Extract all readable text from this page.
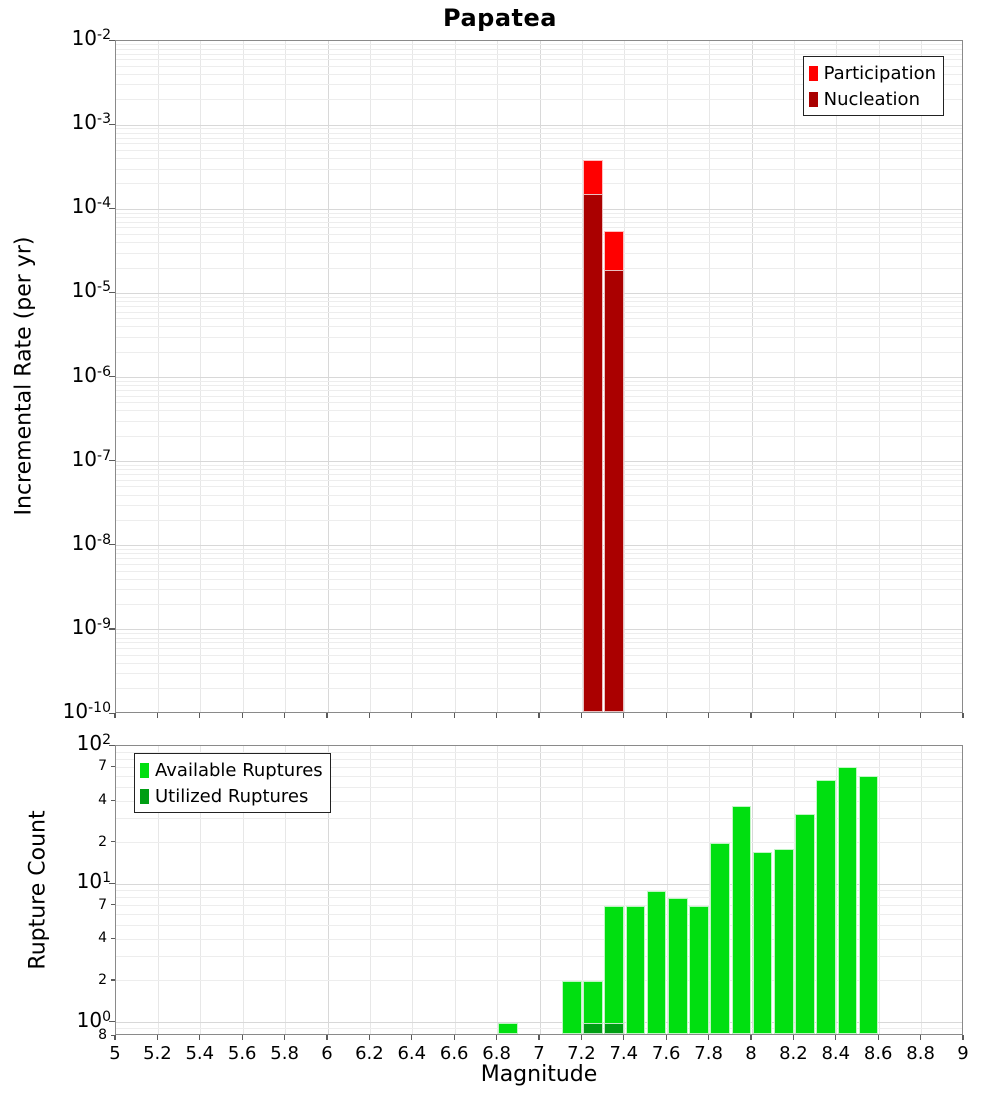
Papatea
Incremental Rate (per yr)
Rupture Count
Magnitude
Participation
Nucleation
Available Ruptures
Utilized Ruptures
$10^{-2}$
$10^{-3}$
$10^{-4}$
$10^{-5}$
$10^{-6}$
$10^{-7}$
$10^{-8}$
$10^{-9}$
$10^{-10}$
$10^2$
$10^1$
$10^0$
7
4
2
7
4
2
8
5 5.2 5.4 5.6 5.8 6 6.2 6.4 6.6 6.8 7 7.2 7.4 7.6 7.8 8 8.2 8.4 8.6 8.8 9
